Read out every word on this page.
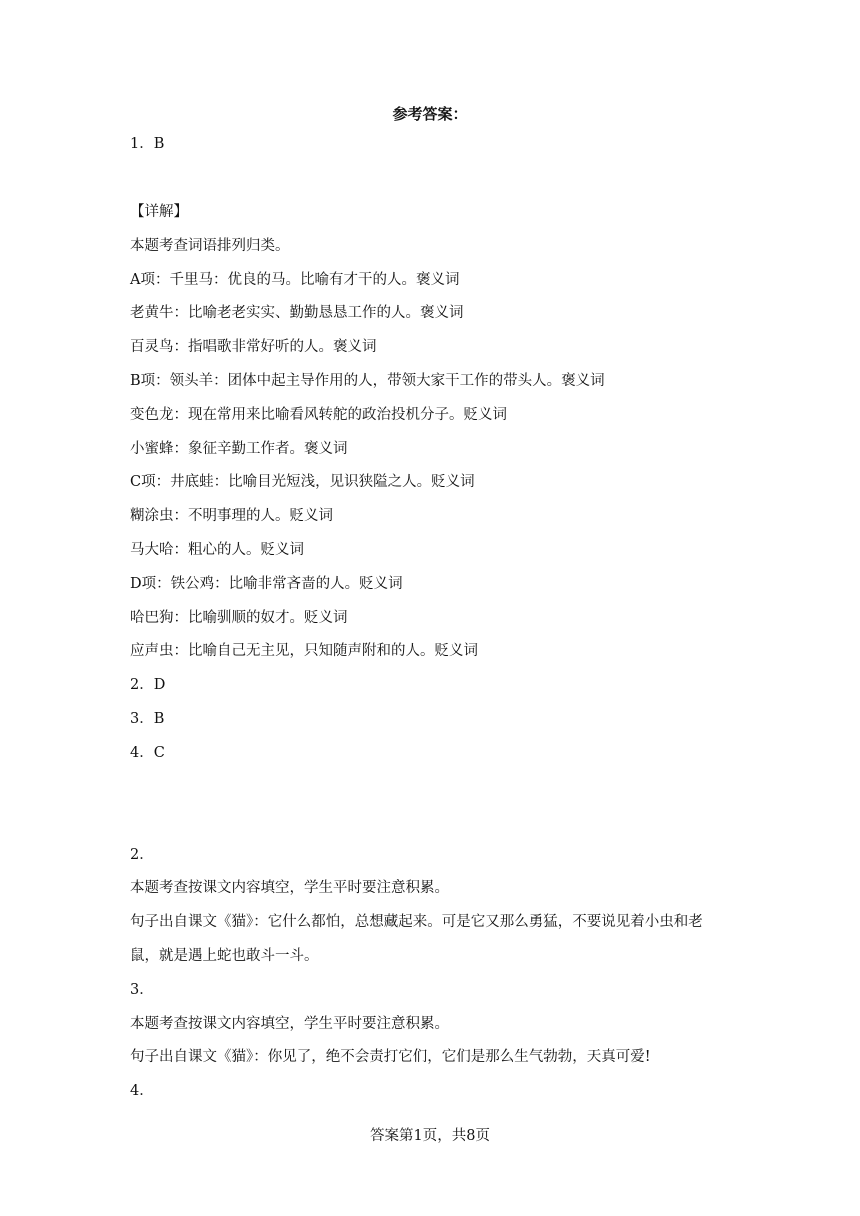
参考答案：
1．B
【详解】
本题考查词语排列归类。
A项：千里马：优良的马。比喻有才干的人。褒义词
老黄牛：比喻老老实实、勤勤恳恳工作的人。褒义词
百灵鸟：指唱歌非常好听的人。褒义词
B项：领头羊：团体中起主导作用的人，带领大家干工作的带头人。褒义词
变色龙：现在常用来比喻看风转舵的政治投机分子。贬义词
小蜜蜂：象征辛勤工作者。褒义词
C项：井底蛙：比喻目光短浅，见识狭隘之人。贬义词
糊涂虫：不明事理的人。贬义词
马大哈：粗心的人。贬义词
D项：铁公鸡：比喻非常吝啬的人。贬义词
哈巴狗：比喻驯顺的奴才。贬义词
应声虫：比喻自己无主见，只知随声附和的人。贬义词
2．D
3．B
4．C
2．
本题考查按课文内容填空，学生平时要注意积累。
句子出自课文《猫》：它什么都怕，总想藏起来。可是它又那么勇猛，不要说见着小虫和老
鼠，就是遇上蛇也敢斗一斗。
3．
本题考查按课文内容填空，学生平时要注意积累。
句子出自课文《猫》：你见了，绝不会责打它们，它们是那么生气勃勃，天真可爱!
4．
答案第1页，共8页
